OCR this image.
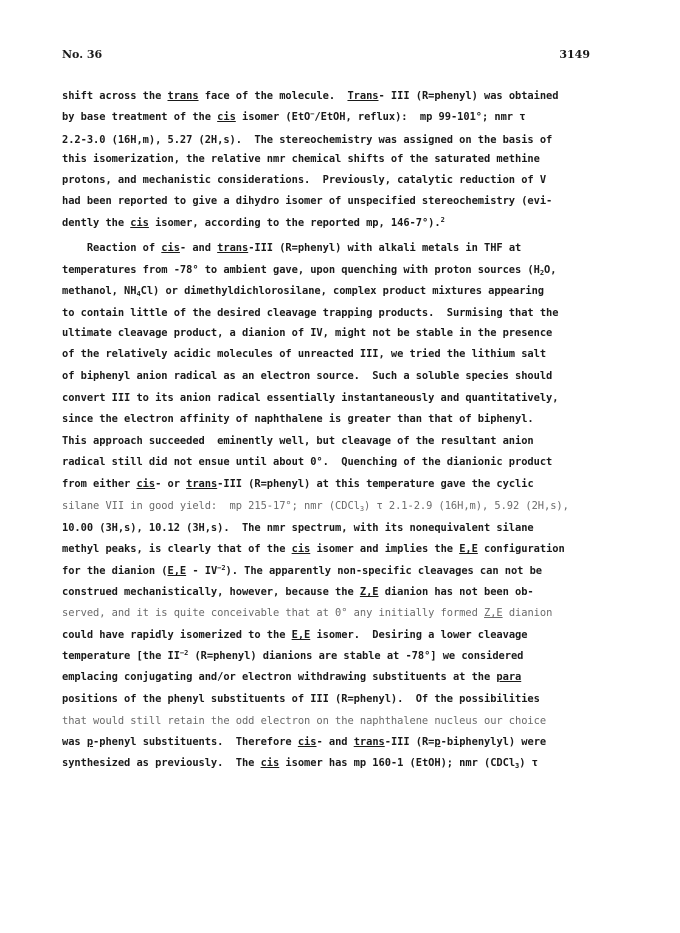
No. 36	3149
shift across the trans face of the molecule.  Trans- III (R=phenyl) was obtained
by base treatment of the cis isomer (EtO−/EtOH, reflux):  mp 99-101°; nmr τ
2.2-3.0 (16H,m), 5.27 (2H,s).  The stereochemistry was assigned on the basis of
this isomerization, the relative nmr chemical shifts of the saturated methine
protons, and mechanistic considerations.  Previously, catalytic reduction of V
had been reported to give a dihydro isomer of unspecified stereochemistry (evi-
dently the cis isomer, according to the reported mp, 146-7°).$^2$
Reaction of cis- and trans-III (R=phenyl) with alkali metals in THF at
temperatures from -78° to ambient gave, upon quenching with proton sources ($H_2O$,
methanol, $NH_4Cl$) or dimethyldichlorosilane, complex product mixtures appearing
to contain little of the desired cleavage trapping products.  Surmising that the
ultimate cleavage product, a dianion of IV, might not be stable in the presence
of the relatively acidic molecules of unreacted III, we tried the lithium salt
of biphenyl anion radical as an electron source.  Such a soluble species should
convert III to its anion radical essentially instantaneously and quantitatively,
since the electron affinity of naphthalene is greater than that of biphenyl.
This approach succeeded  eminently well, but cleavage of the resultant anion
radical still did not ensue until about 0°.  Quenching of the dianionic product
from either cis- or trans-III (R=phenyl) at this temperature gave the cyclic
silane VII in good yield:  mp 215-17°; nmr (CDCl$_3$) τ 2.1-2.9 (16H,m), 5.92 (2H,s),
10.00 (3H,s), 10.12 (3H,s).  The nmr spectrum, with its nonequivalent silane
methyl peaks, is clearly that of the cis isomer and implies the E,E configuration
for the dianion $(E,E - IV^{-2})$. The apparently non-specific cleavages can not be
construed mechanistically, however, because the Z,E dianion has not been ob-
served, and it is quite conceivable that at 0° any initially formed Z,E dianion
could have rapidly isomerized to the E,E isomer.  Desiring a lower cleavage
temperature [the $II^{-2}$ (R=phenyl) dianions are stable at -78°] we considered
emplacing conjugating and/or electron withdrawing substituents at the para
positions of the phenyl substituents of III (R=phenyl).  Of the possibilities
that would still retain the odd electron on the naphthalene nucleus our choice
was p-phenyl substituents.  Therefore cis- and trans-III (R=p-biphenylyl) were
synthesized as previously.  The cis isomer has mp 160-1 (EtOH); nmr (CDCl$_3$) τ
